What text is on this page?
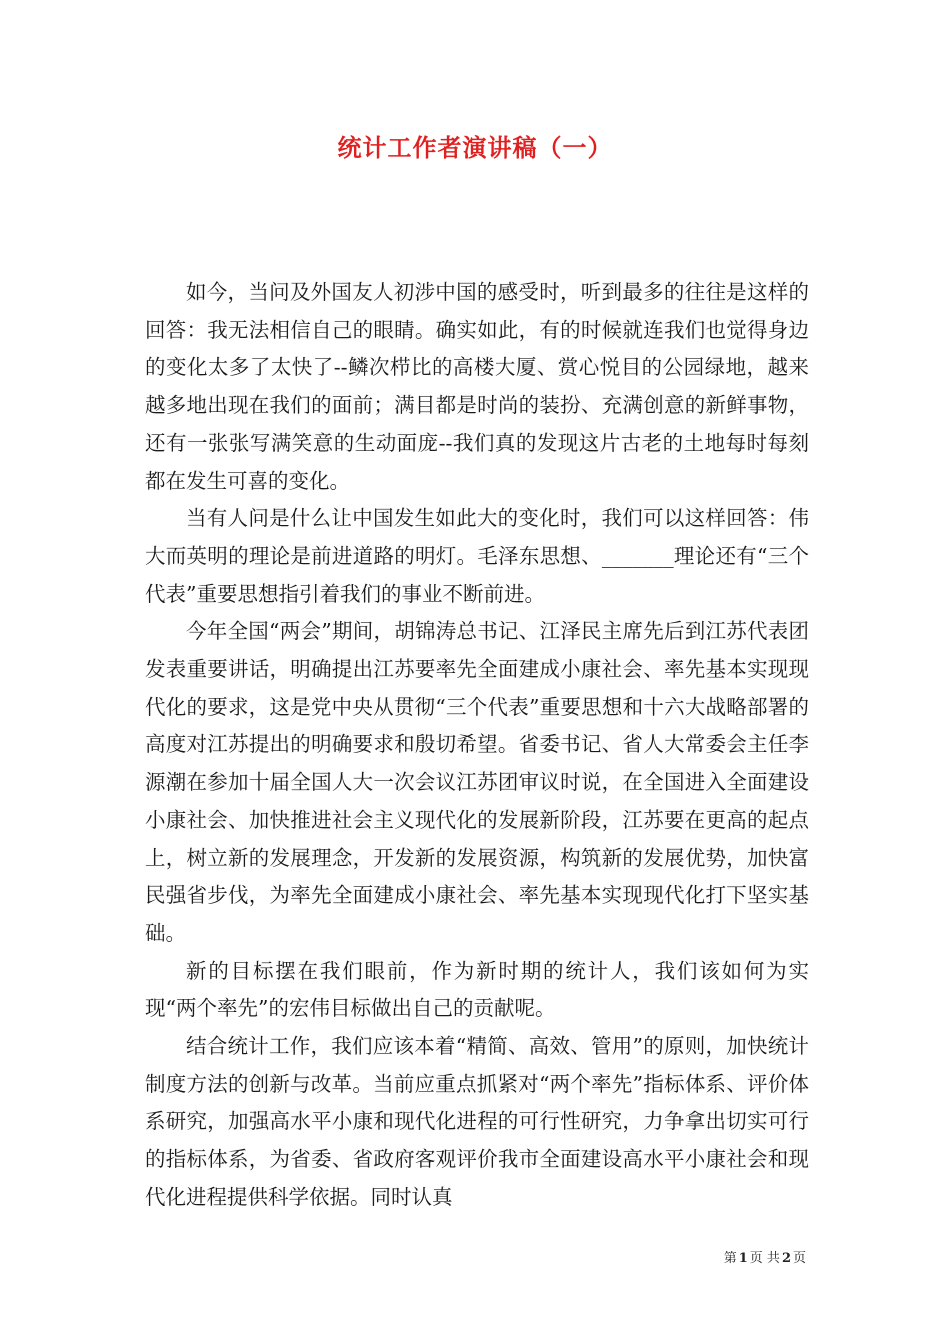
统计工作者演讲稿（一）

如今，当问及外国友人初涉中国的感受时，听到最多的往往是这样的回答：我无法相信自己的眼睛。确实如此，有的时候就连我们也觉得身边的变化太多了太快了--鳞次栉比的高楼大厦、赏心悦目的公园绿地，越来越多地出现在我们的面前；满目都是时尚的装扮、充满创意的新鲜事物，还有一张张写满笑意的生动面庞--我们真的发现这片古老的土地每时每刻都在发生可喜的变化。

当有人问是什么让中国发生如此大的变化时，我们可以这样回答：伟大而英明的理论是前进道路的明灯。毛泽东思想、_______理论还有“三个代表”重要思想指引着我们的事业不断前进。

今年全国“两会”期间，胡锦涛总书记、江泽民主席先后到江苏代表团发表重要讲话，明确提出江苏要率先全面建成小康社会、率先基本实现现代化的要求，这是党中央从贯彻“三个代表”重要思想和十六大战略部署的高度对江苏提出的明确要求和殷切希望。省委书记、省人大常委会主任李源潮在参加十届全国人大一次会议江苏团审议时说，在全国进入全面建设小康社会、加快推进社会主义现代化的发展新阶段，江苏要在更高的起点上，树立新的发展理念，开发新的发展资源，构筑新的发展优势，加快富民强省步伐，为率先全面建成小康社会、率先基本实现现代化打下坚实基础。

新的目标摆在我们眼前，作为新时期的统计人，我们该如何为实现“两个率先”的宏伟目标做出自己的贡献呢。

结合统计工作，我们应该本着“精简、高效、管用”的原则，加快统计制度方法的创新与改革。当前应重点抓紧对“两个率先”指标体系、评价体系研究，加强高水平小康和现代化进程的可行性研究，力争拿出切实可行的指标体系，为省委、省政府客观评价我市全面建设高水平小康社会和现代化进程提供科学依据。同时认真

第 1 页 共 2 页
